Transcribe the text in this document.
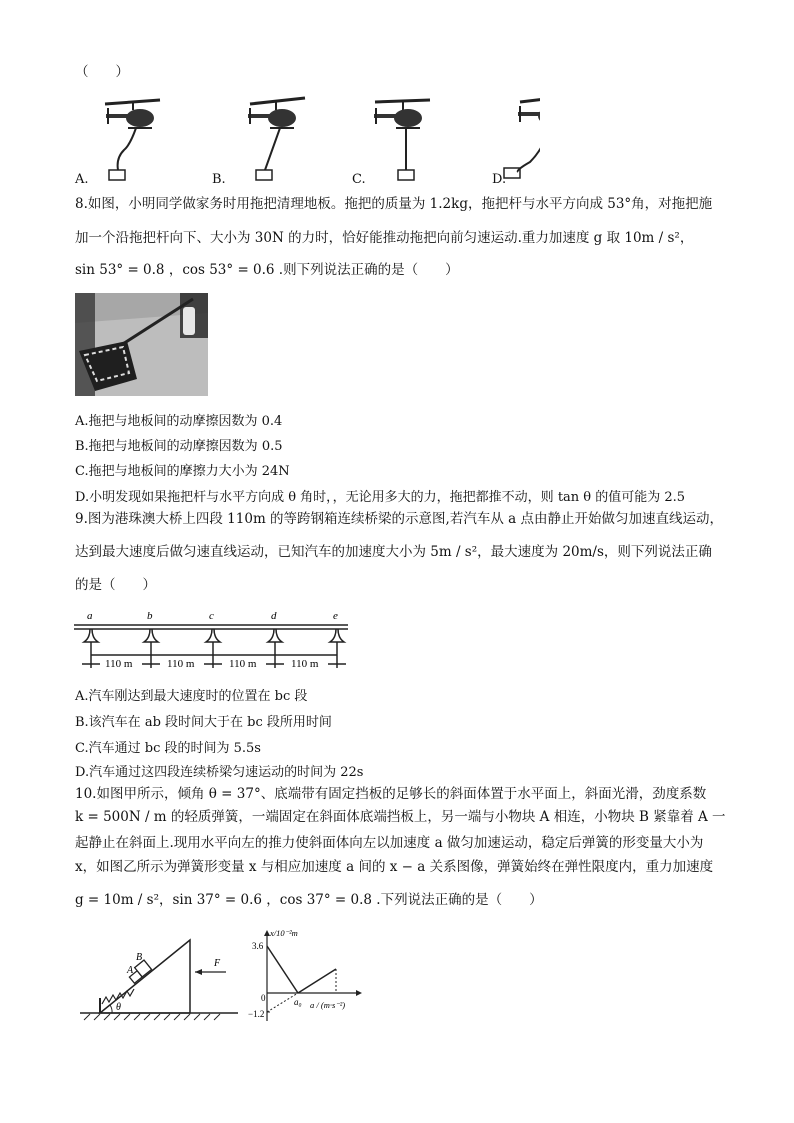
（　　）
A.	B.	C.	D.
8.如图，小明同学做家务时用拖把清理地板。拖把的质量为 1.2kg，拖把杆与水平方向成 53°角，对拖把施
加一个沿拖把杆向下、大小为 30N 的力时，恰好能推动拖把向前匀速运动.重力加速度 g 取 10m / s²，
sin 53° = 0.8 ，cos 53° = 0.6 .则下列说法正确的是（　　）
A.拖把与地板间的动摩擦因数为 0.4
B.拖把与地板间的动摩擦因数为 0.5
C.拖把与地板间的摩擦力大小为 24N
D.小明发现如果拖把杆与水平方向成 θ 角时，，无论用多大的力，拖把都推不动，则 tan θ 的值可能为 2.5
9.图为港珠澳大桥上四段 110m 的等跨钢箱连续桥梁的示意图,若汽车从 a 点由静止开始做匀加速直线运动，
达到最大速度后做匀速直线运动，已知汽车的加速度大小为 5m / s²，最大速度为 20m/s，则下列说法正确
的是（　　）
a	b	c	d	e
110 m	110 m	110 m	110 m
A.汽车刚达到最大速度时的位置在 bc 段
B.该汽车在 ab 段时间大于在 bc 段所用时间
C.汽车通过 bc 段的时间为 5.5s
D.汽车通过这四段连续桥梁匀速运动的时间为 22s
10.如图甲所示，倾角 θ = 37°、底端带有固定挡板的足够长的斜面体置于水平面上，斜面光滑，劲度系数
k = 500N / m 的轻质弹簧，一端固定在斜面体底端挡板上，另一端与小物块 A 相连，小物块 B 紧靠着 A 一
起静止在斜面上.现用水平向左的推力使斜面体向左以加速度 a 做匀加速运动，稳定后弹簧的形变量大小为
x，如图乙所示为弹簧形变量 x 与相应加速度 a 间的 x − a 关系图像，弹簧始终在弹性限度内，重力加速度
g = 10m / s²，sin 37° = 0.6 ，cos 37° = 0.8 .下列说法正确的是（　　）
A
B
θ
F
x/10⁻²m
3.6
0
−1.2
a₀ a / (m·s⁻²)
